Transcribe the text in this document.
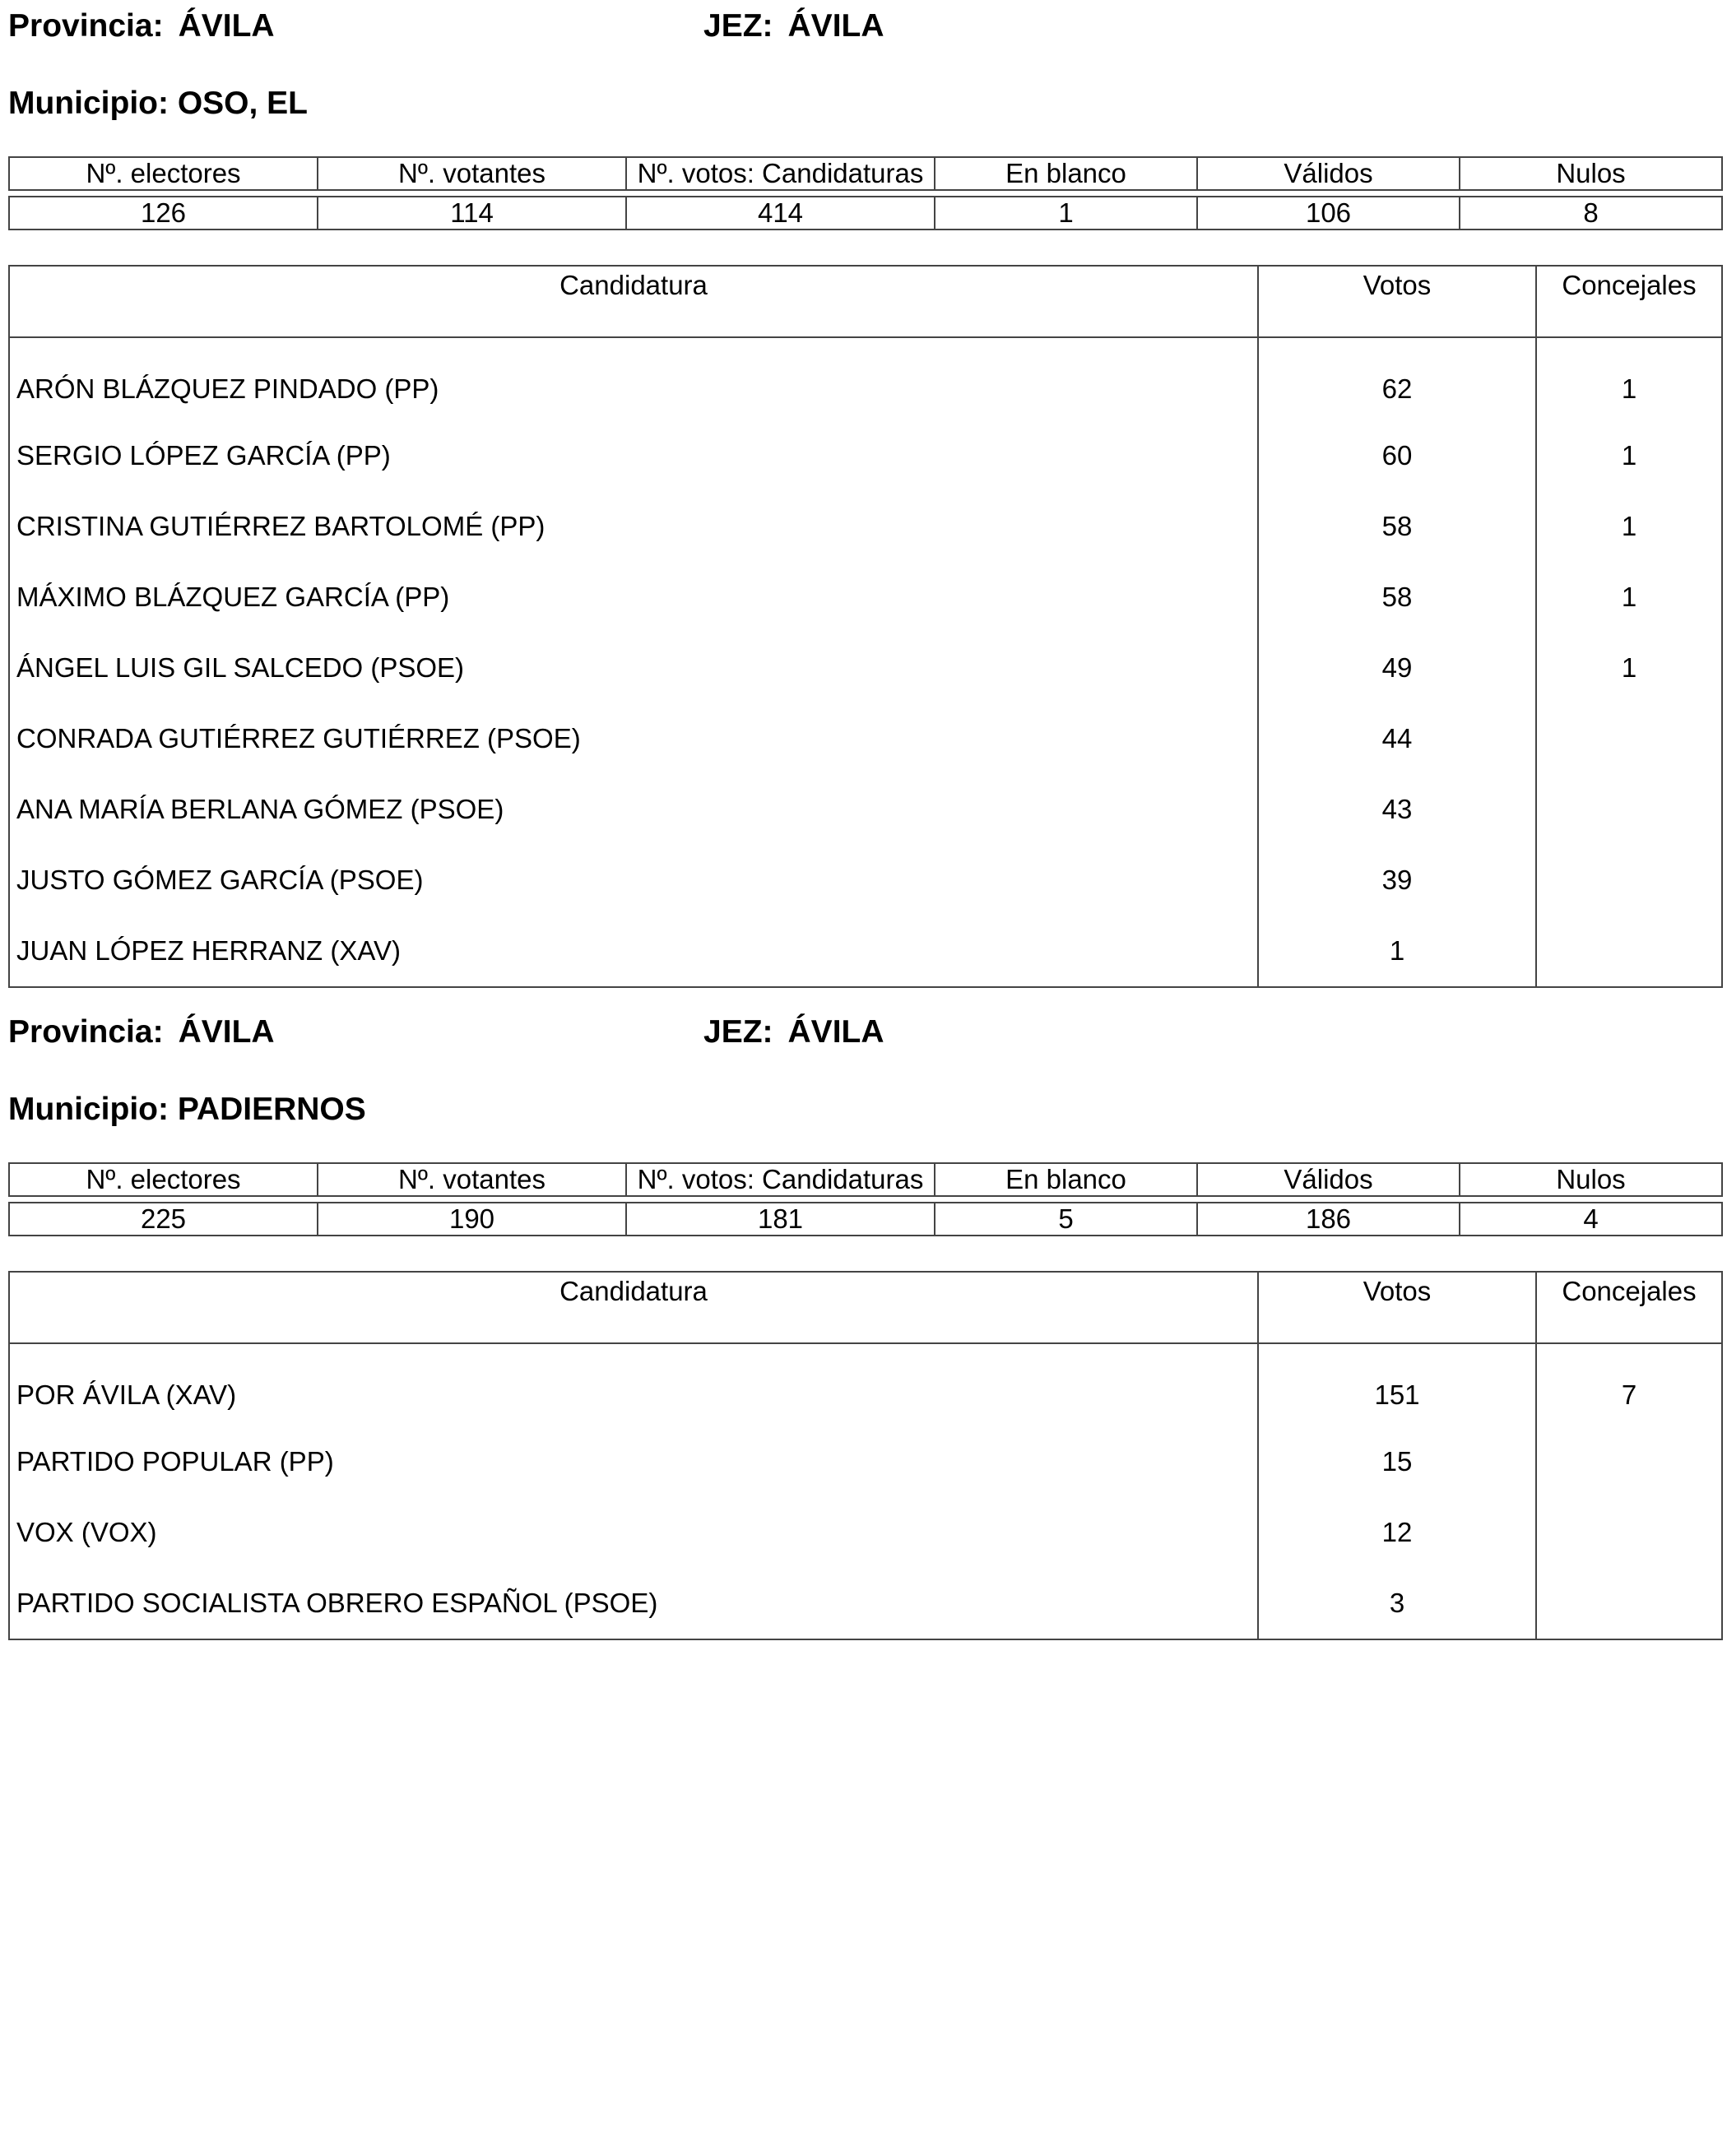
Provincia: ÁVILA	JEZ: ÁVILA
Municipio: OSO, EL
Nº. electores	Nº. votantes	Nº. votos: Candidaturas	En blanco	Válidos	Nulos

126	114	414	1	106	8
Candidatura	Votos	Concejales
ARÓN BLÁZQUEZ PINDADO (PP)	62	1
SERGIO LÓPEZ GARCÍA (PP)	60	1
CRISTINA GUTIÉRREZ BARTOLOMÉ (PP)	58	1
MÁXIMO BLÁZQUEZ GARCÍA (PP)	58	1
ÁNGEL LUIS GIL SALCEDO (PSOE)	49	1
CONRADA GUTIÉRREZ GUTIÉRREZ (PSOE)	44	
ANA MARÍA BERLANA GÓMEZ (PSOE)	43	
JUSTO GÓMEZ GARCÍA (PSOE)	39	
JUAN LÓPEZ HERRANZ (XAV)	1	
Provincia: ÁVILA	JEZ: ÁVILA
Municipio: PADIERNOS
Nº. electores	Nº. votantes	Nº. votos: Candidaturas	En blanco	Válidos	Nulos

225	190	181	5	186	4
Candidatura	Votos	Concejales
POR ÁVILA (XAV)	151	7
PARTIDO POPULAR (PP)	15	
VOX (VOX)	12	
PARTIDO SOCIALISTA OBRERO ESPAÑOL (PSOE)	3	
